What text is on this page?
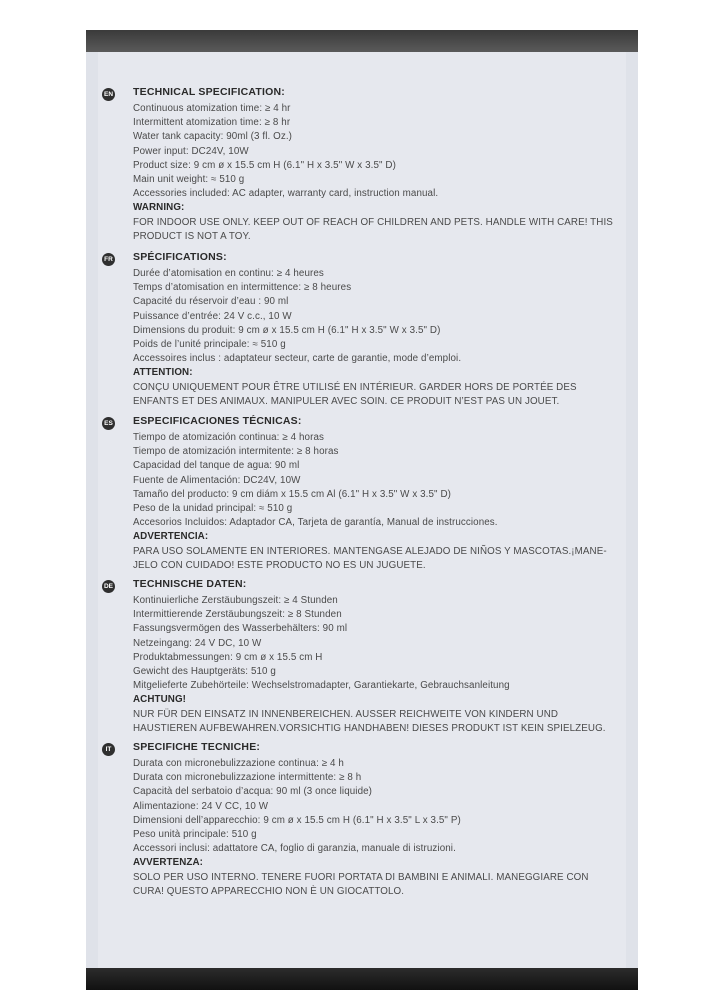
EN TECHNICAL SPECIFICATION:
Continuous atomization time: ≥ 4 hr
Intermittent atomization time: ≥ 8 hr
Water tank capacity: 90ml (3 fl. Oz.)
Power input: DC24V, 10W
Product size: 9 cm ø x 15.5 cm H (6.1" H x 3.5" W x 3.5" D)
Main unit weight: ≈ 510 g
Accessories included: AC adapter, warranty card, instruction manual.
WARNING:
FOR INDOOR USE ONLY. KEEP OUT OF REACH OF CHILDREN AND PETS. HANDLE WITH CARE! THIS PRODUCT IS NOT A TOY.
FR SPÉCIFICATIONS:
Durée d’atomisation en continu: ≥ 4 heures
Temps d’atomisation en intermittence: ≥ 8 heures
Capacité du réservoir d’eau : 90 ml
Puissance d’entrée: 24 V c.c., 10 W
Dimensions du produit: 9 cm ø x 15.5 cm H (6.1" H x 3.5" W x 3.5" D)
Poids de l’unité principale: ≈ 510 g
Accessoires inclus : adaptateur secteur, carte de garantie, mode d’emploi.
ATTENTION:
CONÇU UNIQUEMENT POUR ÊTRE UTILISÉ EN INTÉRIEUR. GARDER HORS DE PORTÉE DES ENFANTS ET DES ANIMAUX. MANIPULER AVEC SOIN. CE PRODUIT N’EST PAS UN JOUET.
ES ESPECIFICACIONES TÉCNICAS:
Tiempo de atomización continua: ≥ 4 horas
Tiempo de atomización intermitente: ≥ 8 horas
Capacidad del tanque de agua: 90 ml
Fuente de Alimentación: DC24V, 10W
Tamaño del producto: 9 cm diám x 15.5 cm Al (6.1" H x 3.5" W x 3.5" D)
Peso de la unidad principal: ≈ 510 g
Accesorios Incluidos: Adaptador CA, Tarjeta de garantía, Manual de instrucciones.
ADVERTENCIA:
PARA USO SOLAMENTE EN INTERIORES. MANTENGASE ALEJADO DE NIÑOS Y MASCOTAS.¡MANE-JELO CON CUIDADO! ESTE PRODUCTO NO ES UN JUGUETE.
DE TECHNISCHE DATEN:
Kontinuierliche Zerstäubungszeit: ≥ 4 Stunden
Intermittierende Zerstäubungszeit: ≥ 8 Stunden
Fassungsvermögen des Wasserbehälters: 90 ml
Netzeingang: 24 V DC, 10 W
Produktabmessungen: 9 cm ø x 15.5 cm H
Gewicht des Hauptgeräts: 510 g
Mitgelieferte Zubehörteile: Wechselstromadapter, Garantiekarte, Gebrauchsanleitung
ACHTUNG!
NUR FÜR DEN EINSATZ IN INNENBEREICHEN. AUSSER REICHWEITE VON KINDERN UND HAUSTIEREN AUFBEWAHREN.VORSICHTIG HANDHABEN! DIESES PRODUKT IST KEIN SPIELZEUG.
IT	SPECIFICHE TECNICHE:
Durata con micronebulizzazione continua: ≥ 4 h
Durata con micronebulizzazione intermittente: ≥ 8 h
Capacità del serbatoio d’acqua: 90 ml (3 once liquide)
Alimentazione: 24 V CC, 10 W
Dimensioni dell’apparecchio: 9 cm ø x 15.5 cm H (6.1" H x 3.5" L x 3.5" P)
Peso unità principale: 510 g
Accessori inclusi: adattatore CA, foglio di garanzia, manuale di istruzioni.
AVVERTENZA:
SOLO PER USO INTERNO. TENERE FUORI PORTATA DI BAMBINI E ANIMALI. MANEGGIARE CON CURA! QUESTO APPARECCHIO NON È UN GIOCATTOLO.
